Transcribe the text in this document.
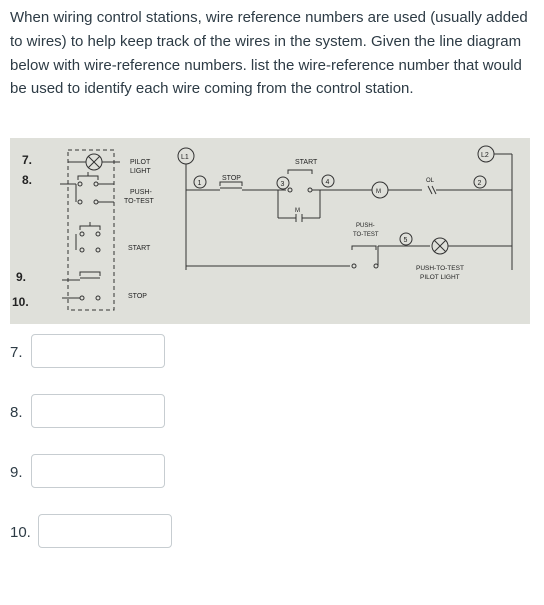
When wiring control stations, wire reference numbers are used (usually added to wires) to help keep track of the wires in the system. Given the line diagram below with wire-reference numbers. list the wire-reference number that would be used to identify each wire coming from the control station.
7.
8.
9.
10.
PILOT
LIGHT
PUSH-
TO-TEST
START
STOP
L1	L2
STOP
START
M
M
OL
1	3	4	2
5
PUSH-
TO-TEST
PUSH-TO-TEST
PILOT LIGHT
7.
8.
9.
10.
